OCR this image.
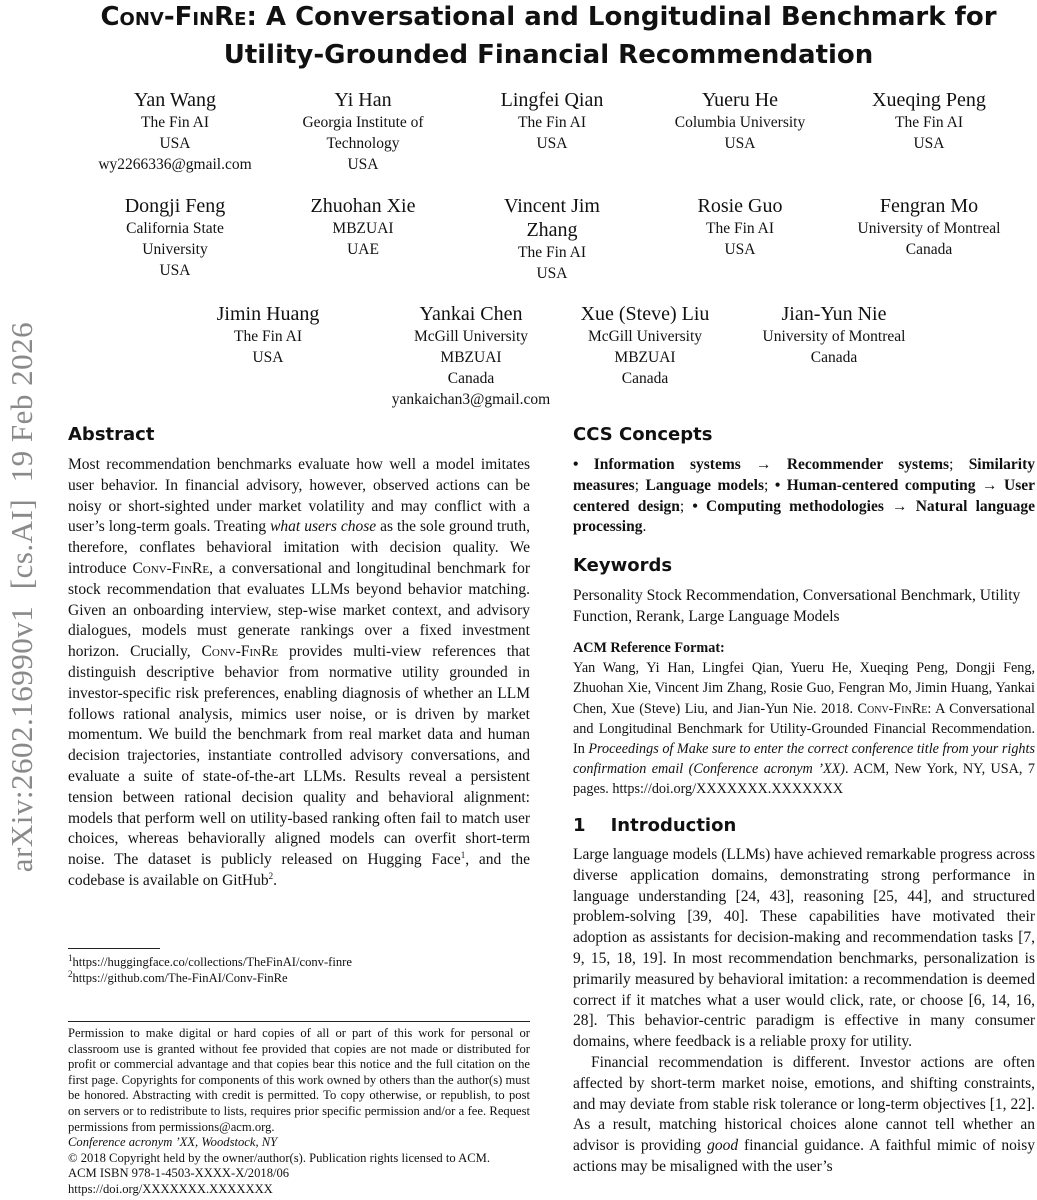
arXiv:2602.16990v1  [cs.AI]  19 Feb 2026
Conv-FinRe: A Conversational and Longitudinal Benchmark for
Utility-Grounded Financial Recommendation
Yan Wang
The Fin AI
USA
wy2266336@gmail.com
Yi Han
Georgia Institute of
Technology
USA
Lingfei Qian
The Fin AI
USA
Yueru He
Columbia University
USA
Xueqing Peng
The Fin AI
USA
Dongji Feng
California State
University
USA
Zhuohan Xie
MBZUAI
UAE
Vincent Jim Zhang
The Fin AI
USA
Rosie Guo
The Fin AI
USA
Fengran Mo
University of Montreal
Canada
Jimin Huang
The Fin AI
USA
Yankai Chen
McGill University
MBZUAI
Canada
yankaichan3@gmail.com
Xue (Steve) Liu
McGill University
MBZUAI
Canada
Jian-Yun Nie
University of Montreal
Canada
Abstract
Most recommendation benchmarks evaluate how well a model imitates user behavior. In financial advisory, however, observed actions can be noisy or short-sighted under market volatility and may conflict with a user’s long-term goals. Treating what users chose as the sole ground truth, therefore, conflates behavioral imitation with decision quality. We introduce Conv-FinRe, a conversational and longitudinal benchmark for stock recommendation that evaluates LLMs beyond behavior matching. Given an onboarding interview, step-wise market context, and advisory dialogues, models must generate rankings over a fixed investment horizon. Crucially, Conv-FinRe provides multi-view references that distinguish descriptive behavior from normative utility grounded in investor-specific risk preferences, enabling diagnosis of whether an LLM follows rational analysis, mimics user noise, or is driven by market momentum. We build the benchmark from real market data and human decision trajectories, instantiate controlled advisory conversations, and evaluate a suite of state-of-the-art LLMs. Results reveal a persistent tension between rational decision quality and behavioral alignment: models that perform well on utility-based ranking often fail to match user choices, whereas behaviorally aligned models can overfit short-term noise. The dataset is publicly released on Hugging Face$^1$, and the codebase is available on GitHub$^2$.
$^1$https://huggingface.co/collections/TheFinAI/conv-finre
$^2$https://github.com/The-FinAI/Conv-FinRe
Permission to make digital or hard copies of all or part of this work for personal or classroom use is granted without fee provided that copies are not made or distributed for profit or commercial advantage and that copies bear this notice and the full citation on the first page. Copyrights for components of this work owned by others than the author(s) must be honored. Abstracting with credit is permitted. To copy otherwise, or republish, to post on servers or to redistribute to lists, requires prior specific permission and/or a fee. Request permissions from permissions@acm.org.
Conference acronym ’XX, Woodstock, NY
© 2018 Copyright held by the owner/author(s). Publication rights licensed to ACM.
ACM ISBN 978-1-4503-XXXX-X/2018/06
https://doi.org/XXXXXXX.XXXXXXX
CCS Concepts
• Information systems → Recommender systems; Similarity measures; Language models; • Human-centered computing → User centered design; • Computing methodologies → Natural language processing.
Keywords
Personality Stock Recommendation, Conversational Benchmark, Utility Function, Rerank, Large Language Models
ACM Reference Format:
Yan Wang, Yi Han, Lingfei Qian, Yueru He, Xueqing Peng, Dongji Feng, Zhuohan Xie, Vincent Jim Zhang, Rosie Guo, Fengran Mo, Jimin Huang, Yankai Chen, Xue (Steve) Liu, and Jian-Yun Nie. 2018. Conv-FinRe: A Conversational and Longitudinal Benchmark for Utility-Grounded Financial Recommendation. In Proceedings of Make sure to enter the correct conference title from your rights confirmation email (Conference acronym ’XX). ACM, New York, NY, USA, 7 pages. https://doi.org/XXXXXXX.XXXXXXX
1    Introduction
Large language models (LLMs) have achieved remarkable progress across diverse application domains, demonstrating strong performance in language understanding [24, 43], reasoning [25, 44], and structured problem-solving [39, 40]. These capabilities have motivated their adoption as assistants for decision-making and recommendation tasks [7, 9, 15, 18, 19]. In most recommendation benchmarks, personalization is primarily measured by behavioral imitation: a recommendation is deemed correct if it matches what a user would click, rate, or choose [6, 14, 16, 28]. This behavior-centric paradigm is effective in many consumer domains, where feedback is a reliable proxy for utility.
Financial recommendation is different. Investor actions are often affected by short-term market noise, emotions, and shifting constraints, and may deviate from stable risk tolerance or long-term objectives [1, 22]. As a result, matching historical choices alone cannot tell whether an advisor is providing good financial guidance. A faithful mimic of noisy actions may be misaligned with the user’s
